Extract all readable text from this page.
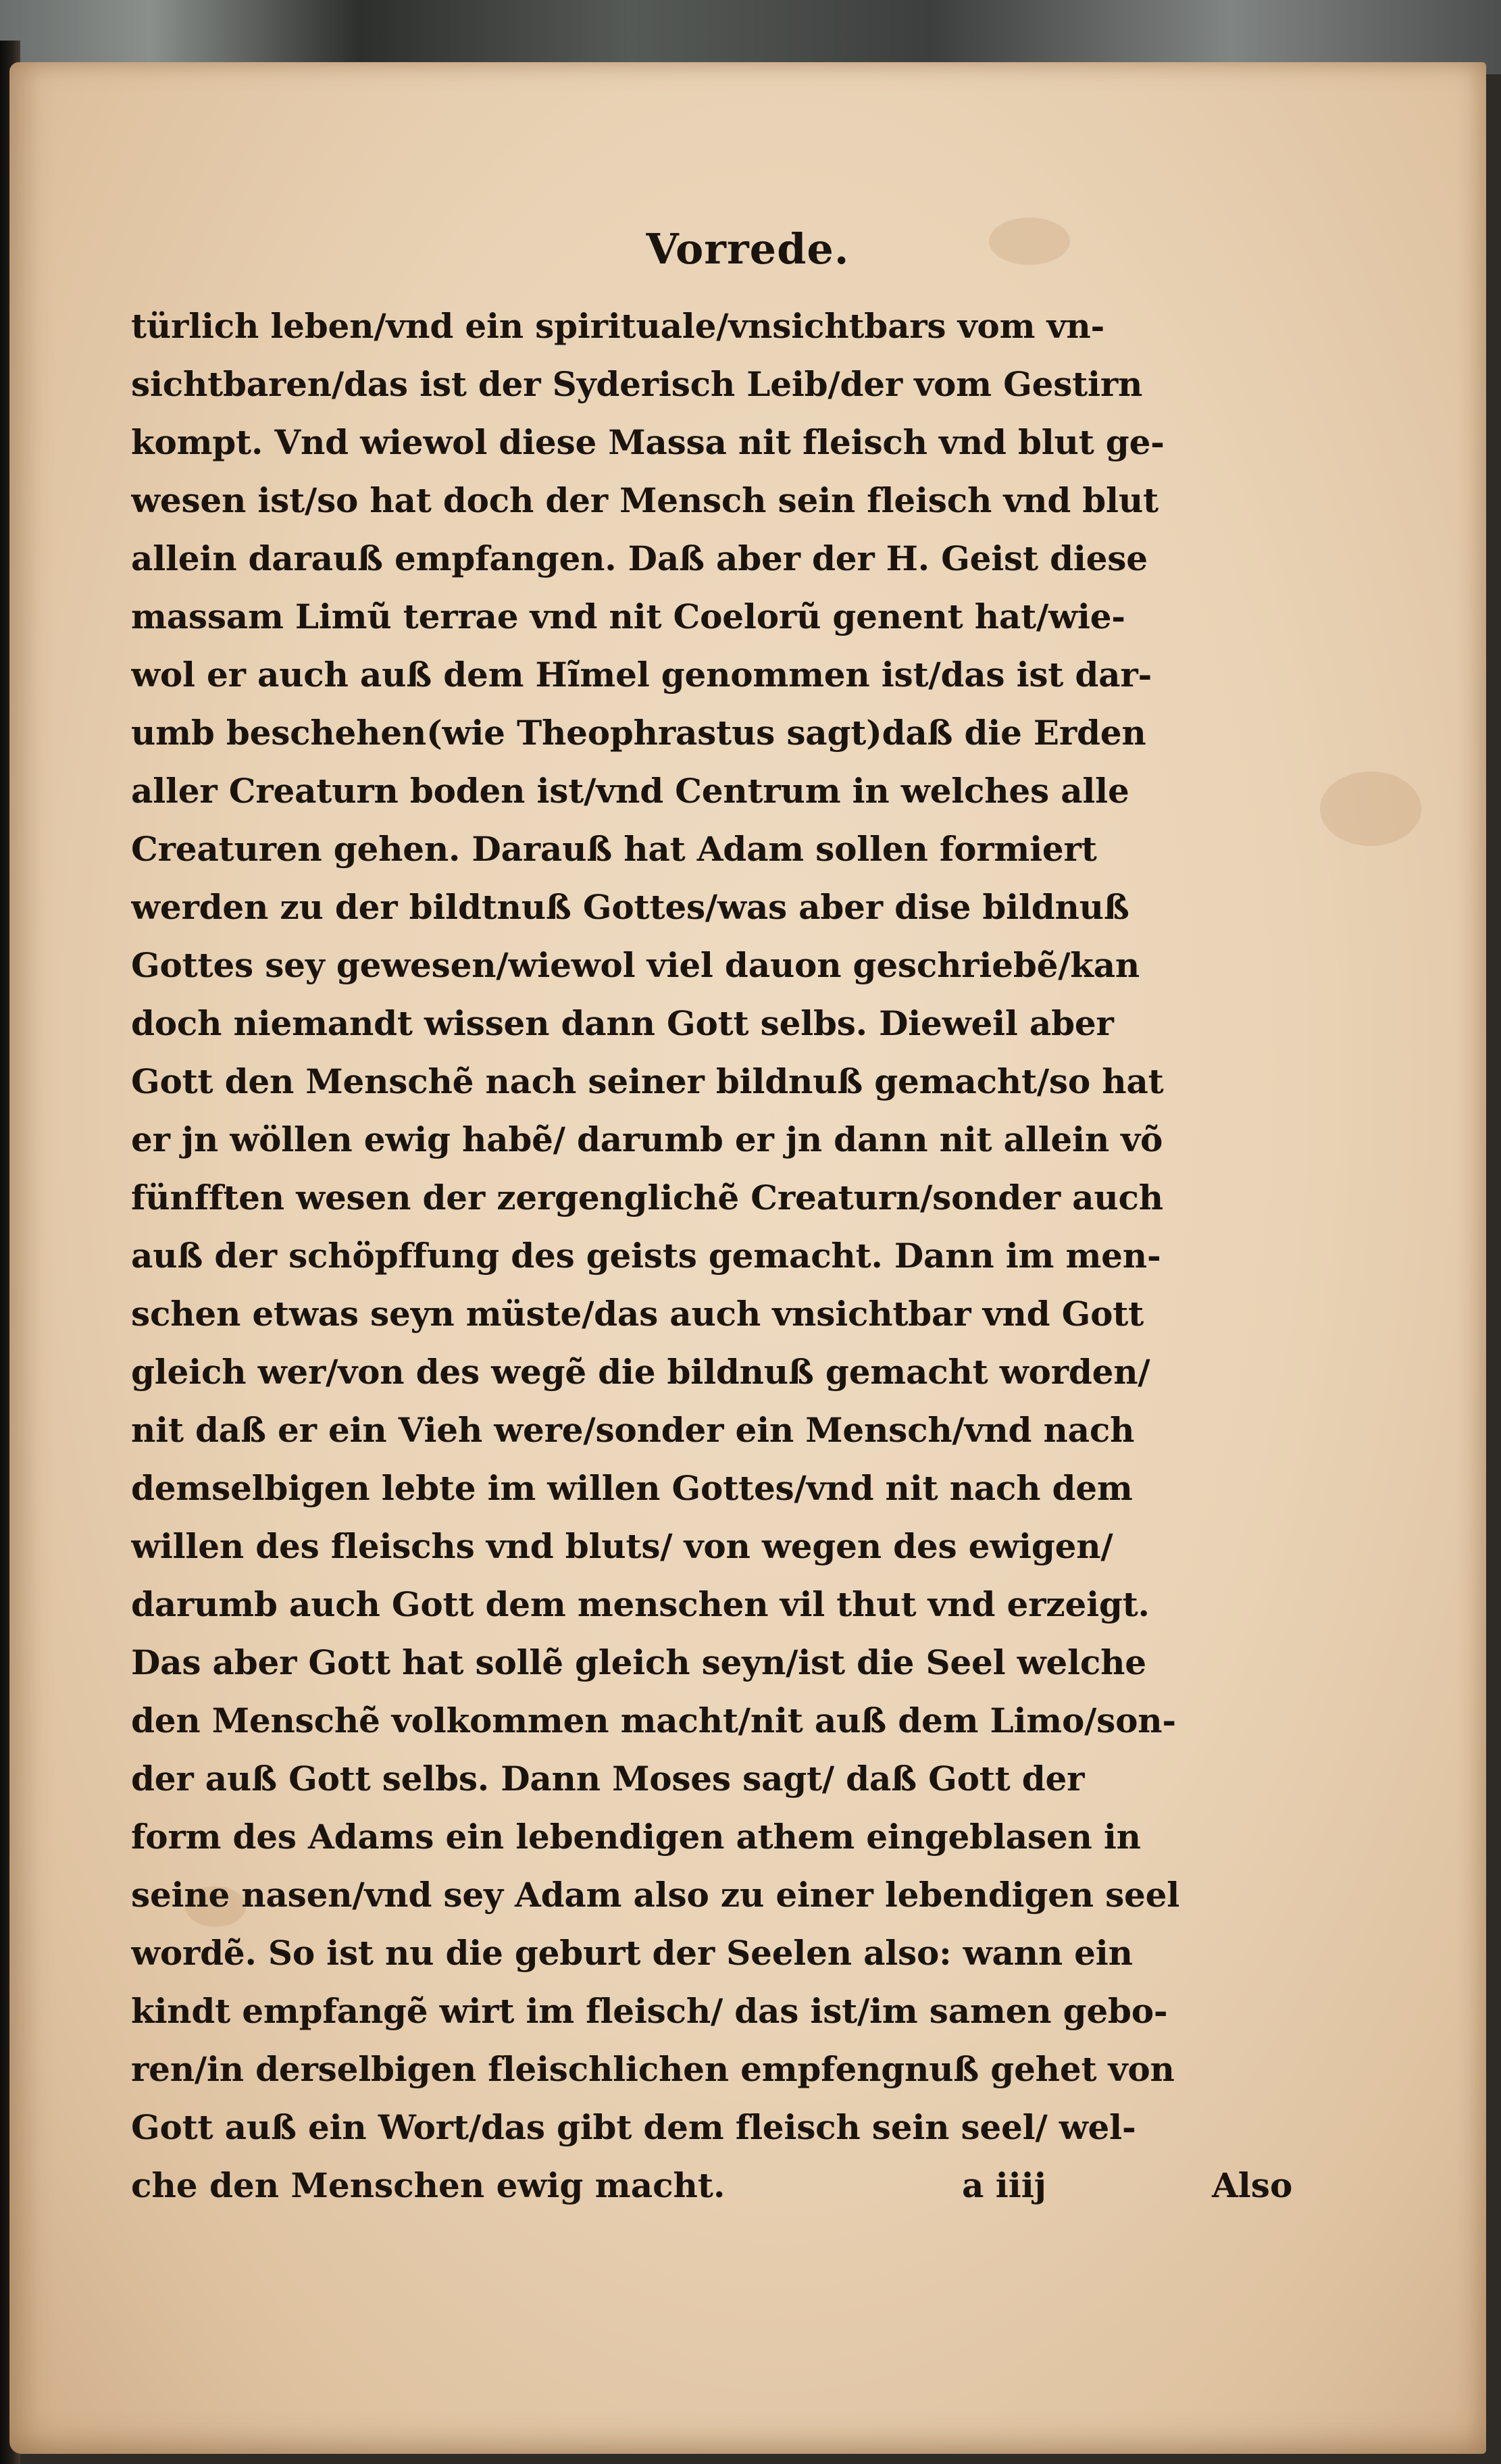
Vorrede.
türlich leben/vnd ein spirituale/vnsichtbars vom vn-
sichtbaren/das ist der Syderisch Leib/der vom Gestirn
kompt. Vnd wiewol diese Massa nit fleisch vnd blut ge-
wesen ist/so hat doch der Mensch sein fleisch vnd blut
allein darauß empfangen. Daß aber der H. Geist diese
massam Limũ terrae vnd nit Coelorũ genent hat/wie-
wol er auch auß dem Hĩmel genommen ist/das ist dar-
umb beschehen(wie Theophrastus sagt)daß die Erden
aller Creaturn boden ist/vnd Centrum in welches alle
Creaturen gehen. Darauß hat Adam sollen formiert
werden zu der bildtnuß Gottes/was aber dise bildnuß
Gottes sey gewesen/wiewol viel dauon geschriebẽ/kan
doch niemandt wissen dann Gott selbs. Dieweil aber
Gott den Menschẽ nach seiner bildnuß gemacht/so hat
er jn wöllen ewig habẽ/ darumb er jn dann nit allein võ
fünfften wesen der zergenglichẽ Creaturn/sonder auch
auß der schöpffung des geists gemacht. Dann im men-
schen etwas seyn müste/das auch vnsichtbar vnd Gott
gleich wer/von des wegẽ die bildnuß gemacht worden/
nit daß er ein Vieh were/sonder ein Mensch/vnd nach
demselbigen lebte im willen Gottes/vnd nit nach dem
willen des fleischs vnd bluts/ von wegen des ewigen/
darumb auch Gott dem menschen vil thut vnd erzeigt.
Das aber Gott hat sollẽ gleich seyn/ist die Seel welche
den Menschẽ volkommen macht/nit auß dem Limo/son-
der auß Gott selbs. Dann Moses sagt/ daß Gott der
form des Adams ein lebendigen athem eingeblasen in
seine nasen/vnd sey Adam also zu einer lebendigen seel
wordẽ. So ist nu die geburt der Seelen also: wann ein
kindt empfangẽ wirt im fleisch/ das ist/im samen gebo-
ren/in derselbigen fleischlichen empfengnuß gehet von
Gott auß ein Wort/das gibt dem fleisch sein seel/ wel-
che den Menschen ewig macht.	a iiij	Also
